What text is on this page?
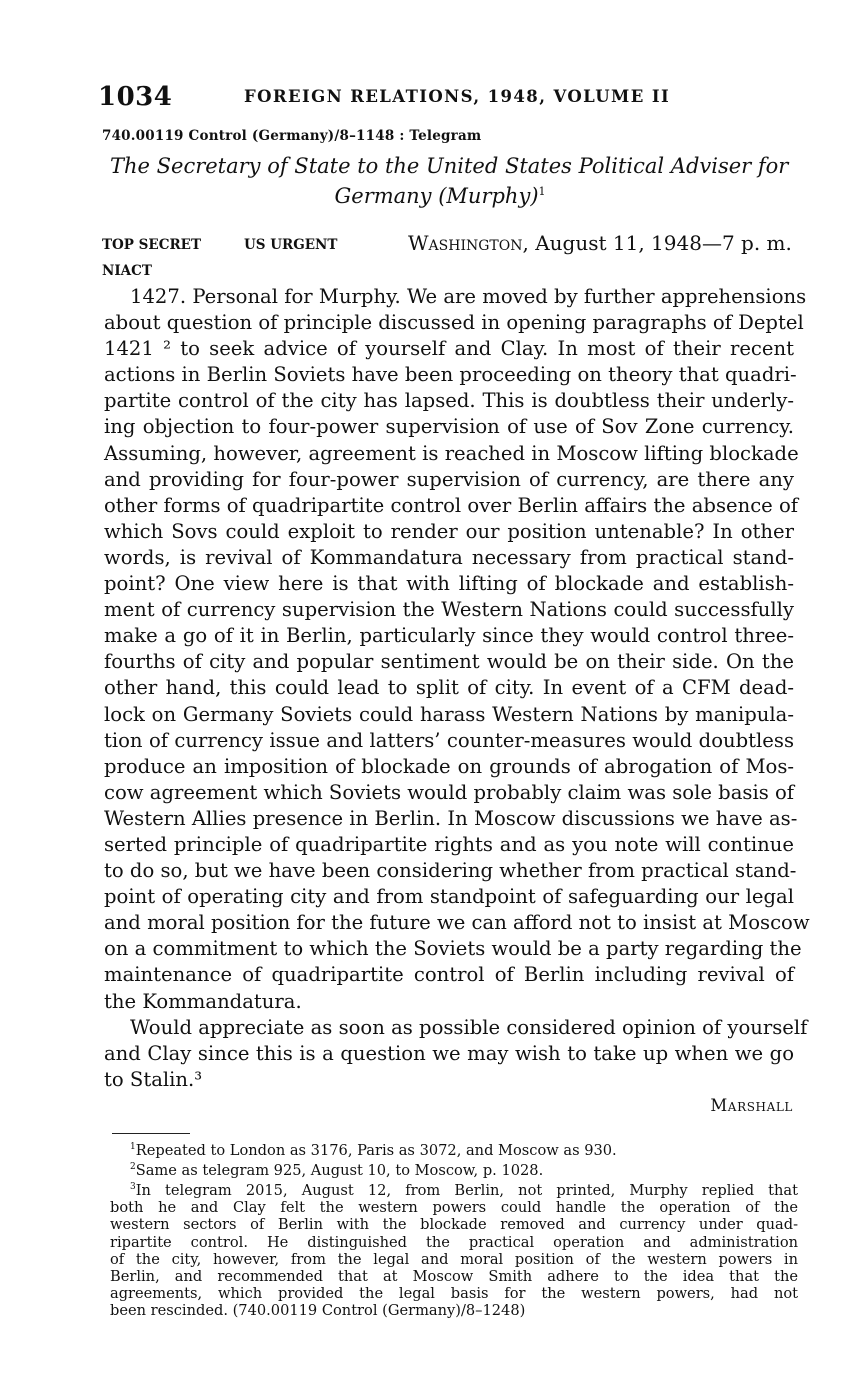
1034	FOREIGN RELATIONS, 1948, VOLUME II
740.00119 Control (Germany)/8–1148 : Telegram
The Secretary of State to the United States Political Adviser for
Germany (Murphy)$^1$
TOP SECRET	US URGENT
NIACT
Washington, August 11, 1948—7 p. m.
1427. Personal for Murphy. We are moved by further apprehensions
about question of principle discussed in opening paragraphs of Deptel
1421 ² to seek advice of yourself and Clay. In most of their recent
actions in Berlin Soviets have been proceeding on theory that quadri-
partite control of the city has lapsed. This is doubtless their underly-
ing objection to four-power supervision of use of Sov Zone currency.
Assuming, however, agreement is reached in Moscow lifting blockade
and providing for four-power supervision of currency, are there any
other forms of quadripartite control over Berlin affairs the absence of
which Sovs could exploit to render our position untenable? In other
words, is revival of Kommandatura necessary from practical stand-
point? One view here is that with lifting of blockade and establish-
ment of currency supervision the Western Nations could successfully
make a go of it in Berlin, particularly since they would control three-
fourths of city and popular sentiment would be on their side. On the
other hand, this could lead to split of city. In event of a CFM dead-
lock on Germany Soviets could harass Western Nations by manipula-
tion of currency issue and latters’ counter-measures would doubtless
produce an imposition of blockade on grounds of abrogation of Mos-
cow agreement which Soviets would probably claim was sole basis of
Western Allies presence in Berlin. In Moscow discussions we have as-
serted principle of quadripartite rights and as you note will continue
to do so, but we have been considering whether from practical stand-
point of operating city and from standpoint of safeguarding our legal
and moral position for the future we can afford not to insist at Moscow
on a commitment to which the Soviets would be a party regarding the
maintenance of quadripartite control of Berlin including revival of
the Kommandatura.
Would appreciate as soon as possible considered opinion of yourself
and Clay since this is a question we may wish to take up when we go
to Stalin.³
Marshall
$^1$Repeated to London as 3176, Paris as 3072, and Moscow as 930.
$^2$Same as telegram 925, August 10, to Moscow, p. 1028.
$^3$In telegram 2015, August 12, from Berlin, not printed, Murphy replied that
both he and Clay felt the western powers could handle the operation of the
western sectors of Berlin with the blockade removed and currency under quad-
ripartite control. He distinguished the practical operation and administration
of the city, however, from the legal and moral position of the western powers in
Berlin, and recommended that at Moscow Smith adhere to the idea that the
agreements, which provided the legal basis for the western powers, had not
been rescinded. (740.00119 Control (Germany)/8–1248)
